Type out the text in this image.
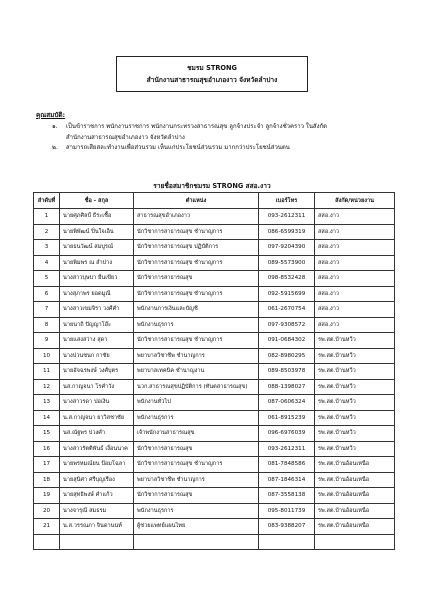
ชมรม STRONG
สำนักงานสาธารณสุขอำเภองาว จังหวัดลำปาง
คุณสมบัติ:
๑.	เป็นข้าราชการ พนักงานราชการ พนักงานกระทรวงสาธารณสุข ลูกจ้างประจำ ลูกจ้างชั่วคราว ในสังกัด
สำนักงานสาธารณสุขอำเภองาว จังหวัดลำปาง
๒.	สามารถเสียสละทำงานเพื่อส่วนรวม เห็นแก่ประโยชน์ส่วนรวม มากกว่าประโยชน์ส่วนตน
รายชื่อสมาชิกชมรม STRONG สสอ.งาว
ลำดับที่	ชื่อ - สกุล	ตำแหน่ง	เบอร์โทร	สังกัด/หน่วยงาน
1	นายศุภศิลป์ ธีระเชื้อ	สาธารณสุขอำเภองาว	093-2612311	สสอ.งาว
2	นายพิพัฒน์ ปิ่นใจเอ็น	นักวิชาการสาธารณสุข ชำนาญการ	086-6599319	สสอ.งาว
3	นายธนวัฒน์ สมบูรณ์	นักวิชาการสาธารณสุข ปฏิบัติการ	097-9204390	สสอ.งาว
4	นายพิมพร ณ ลำปาง	นักวิชาการสาธารณสุข ชำนาญการ	089-5573900	สสอ.งาว
5	นางสาวบุษบา ยืนเขียว	นักวิชาการสาธารณสุข	098-8532428	สสอ.งาว
6	นางสุภาพร ยอดมูณี	นักวิชาการสาธารณสุข ชำนาญการ	092-5915699	สสอ.งาว
7	นางสาวเขมจิรา วงศ์คำ	พนักงานการเงินและบัญชี	061-2670754	สสอ.งาว
8	นายนาถิ ปัญญาโอ๊ะ	พนักงานธุรการ	097-9308572	สสอ.งาว
9	นายแสงสว่าง สุดา	นักวิชาการสาธารณสุข ชำนาญการ	091-0684302	รพ.สต.บ้านหวีว
10	นางปวนชนก กาชัย	พยาบาลวิชาชีพ ชำนาญการ	082-8980295	รพ.สต.บ้านหวีว
11	นายอัจฉรพงษ์ วงศ์บุตร	พยาบาลเทคนิค ชำนาญงาน	089-8503978	รพ.สต.บ้านหวีว
12	นส.กาญจนา โรคำวัง	นวก.สาธารณสุขปฏิบัติการ (ทันตสาธารณสุข)	088-1398027	รพ.สต.บ้านหวีว
13	นางสาวรดา ปอเงิน	พนักงานทั่วไป	087-0606324	รพ.สต.บ้านหวีว
14	น.ส.กาญจนา ยาวิสชาชัย	พนักงานธุรการ	061-8915239	รพ.สต.บ้านหวีว
15	นส.ณัฐพร ปวงคำ	เจ้าพนักงานสาธารณสุข	096-6976039	รพ.สต.บ้านหวีว
16	นางสาวรัตติพันธ์ เงื่อนนาค	นักวิชาการสาธารณสุข	093-2612311	รพ.สต.บ้านหวีว
17	นายพรหมณ์ยน ป้อมโฉลา	นักวิชาการสาธารณสุข ชำนาญการ	081-7848586	รพ.สต.บ้านอ้อนเหนือ
18	นายสุนิศา ศรีบุญเรือง	พยาบาลวิชาชีพ ชำนาญการ	087-1846314	รพ.สต.บ้านอ้อนเหนือ
19	นายสุทธิพงษ์ คำแก้ว	นักวิชาการสาธารณสุข	087-3558138	รพ.สต.บ้านอ้อนเหนือ
20	นางจารุณี สมธรม	พนักงานธุรการ	095-8011739	รพ.สต.บ้านอ้อนเหนือ
21	น.ส.วรรณภา จินดานนท์	ผู้ช่วยแพทย์แผนไทย	083-9388207	รพ.สต.บ้านอ้อนเหนือ
